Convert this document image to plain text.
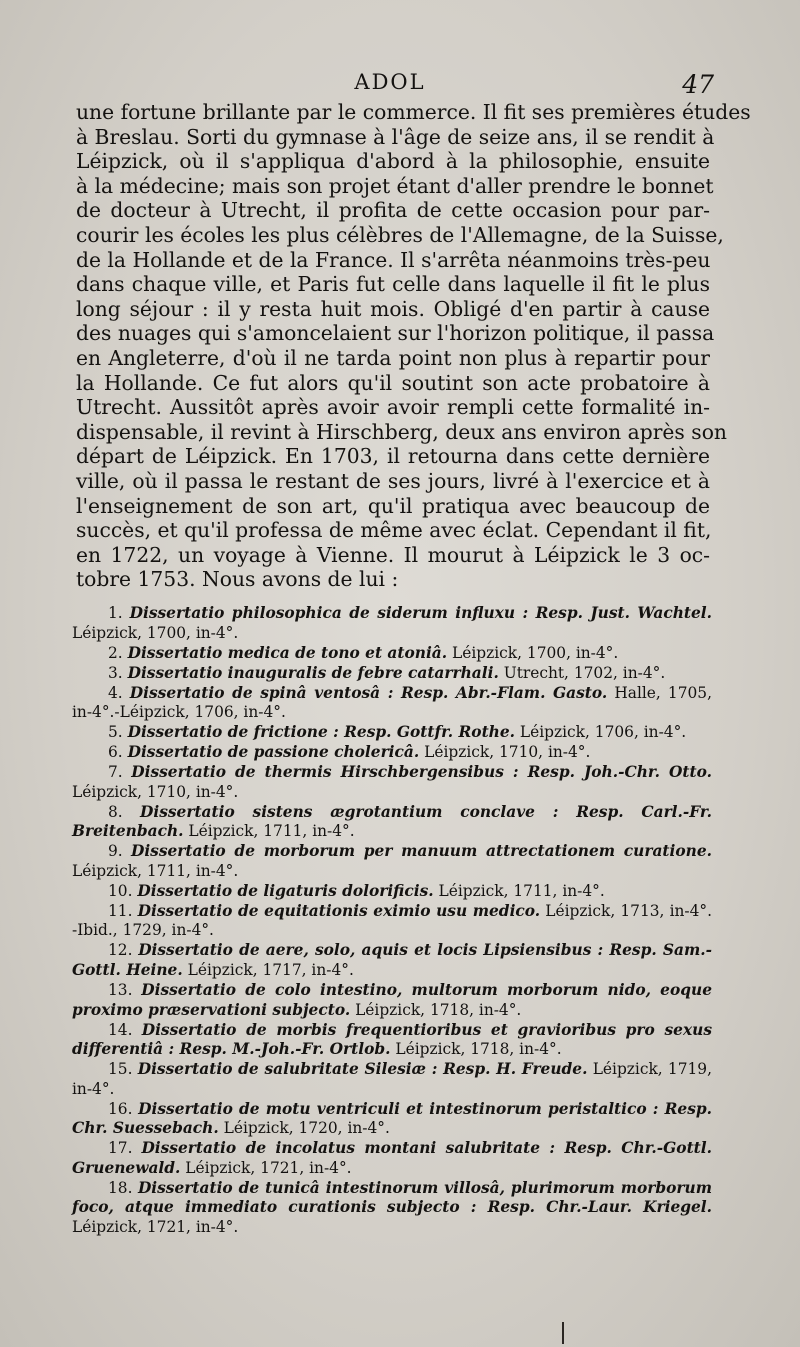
ADOL	47
une fortune brillante par le commerce. Il fit ses premières études
à Breslau. Sorti du gymnase à l'âge de seize ans, il se rendit à
Léipzick, où il s'appliqua d'abord à la philosophie, ensuite
à la médecine; mais son projet étant d'aller prendre le bonnet
de docteur à Utrecht, il profita de cette occasion pour par-
courir les écoles les plus célèbres de l'Allemagne, de la Suisse,
de la Hollande et de la France. Il s'arrêta néanmoins très-peu
dans chaque ville, et Paris fut celle dans laquelle il fit le plus
long séjour : il y resta huit mois. Obligé d'en partir à cause
des nuages qui s'amoncelaient sur l'horizon politique, il passa
en Angleterre, d'où il ne tarda point non plus à repartir pour
la Hollande. Ce fut alors qu'il soutint son acte probatoire à
Utrecht. Aussitôt après avoir avoir rempli cette formalité in-
dispensable, il revint à Hirschberg, deux ans environ après son
départ de Léipzick. En 1703, il retourna dans cette dernière
ville, où il passa le restant de ses jours, livré à l'exercice et à
l'enseignement de son art, qu'il pratiqua avec beaucoup de
succès, et qu'il professa de même avec éclat. Cependant il fit,
en 1722, un voyage à Vienne. Il mourut à Léipzick le 3 oc-
tobre 1753. Nous avons de lui :
1. Dissertatio philosophica de siderum influxu : Resp. Just. Wachtel. Léipzick, 1700, in-4°.
2. Dissertatio medica de tono et atoniâ. Léipzick, 1700, in-4°.
3. Dissertatio inauguralis de febre catarrhali. Utrecht, 1702, in-4°.
4. Dissertatio de spinâ ventosâ : Resp. Abr.-Flam. Gasto. Halle, 1705, in-4°.-Léipzick, 1706, in-4°.
5. Dissertatio de frictione : Resp. Gottfr. Rothe. Léipzick, 1706, in-4°.
6. Dissertatio de passione cholericâ. Léipzick, 1710, in-4°.
7. Dissertatio de thermis Hirschbergensibus : Resp. Joh.-Chr. Otto. Léipzick, 1710, in-4°.
8. Dissertatio sistens ægrotantium conclave : Resp. Carl.-Fr. Breitenbach. Léipzick, 1711, in-4°.
9. Dissertatio de morborum per manuum attrectationem curatione. Léipzick, 1711, in-4°.
10. Dissertatio de ligaturis dolorificis. Léipzick, 1711, in-4°.
11. Dissertatio de equitationis eximio usu medico. Léipzick, 1713, in-4°. -Ibid., 1729, in-4°.
12. Dissertatio de aere, solo, aquis et locis Lipsiensibus : Resp. Sam.-Gottl. Heine. Léipzick, 1717, in-4°.
13. Dissertatio de colo intestino, multorum morborum nido, eoque proximo præservationi subjecto. Léipzick, 1718, in-4°.
14. Dissertatio de morbis frequentioribus et gravioribus pro sexus differentiâ : Resp. M.-Joh.-Fr. Ortlob. Léipzick, 1718, in-4°.
15. Dissertatio de salubritate Silesiæ : Resp. H. Freude. Léipzick, 1719, in-4°.
16. Dissertatio de motu ventriculi et intestinorum peristaltico : Resp. Chr. Suessebach. Léipzick, 1720, in-4°.
17. Dissertatio de incolatus montani salubritate : Resp. Chr.-Gottl. Gruenewald. Léipzick, 1721, in-4°.
18. Dissertatio de tunicâ intestinorum villosâ, plurimorum morborum foco, atque immediato curationis subjecto : Resp. Chr.-Laur. Kriegel. Léipzick, 1721, in-4°.
